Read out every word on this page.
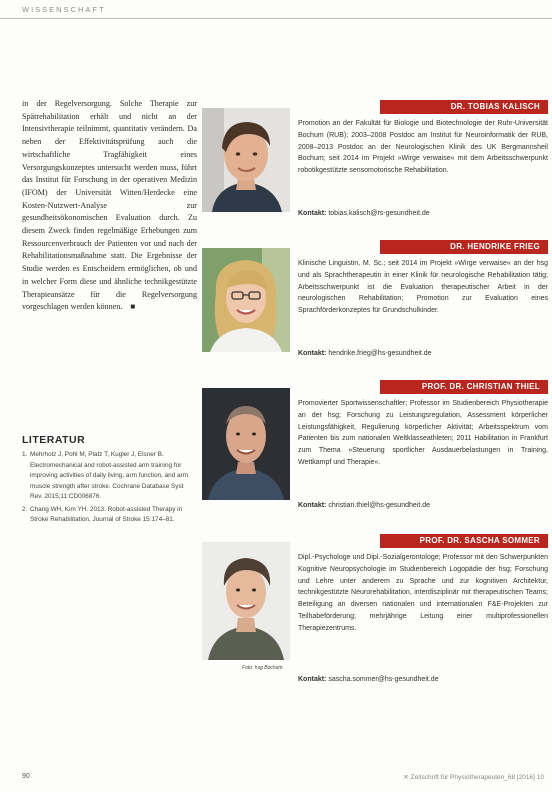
WISSENSCHAFT
in der Regelversorgung. Solche Therapie zur Spätrehabilitation erhält und nicht an der Intensivtherapie teilnimmt, quantitativ verändern. Da neben der Effektivitätsprüfung auch die wirtschaftliche Tragfähigkeit eines Versorgungskonzeptes untersucht werden muss, führt das Institut für Forschung in der operativen Medizin (IFOM) der Universität Witten/Herdecke eine Kosten-Nutzwert-Analyse zur gesundheitsökonomischen Evaluation durch. Zu diesem Zweck finden regelmäßige Erhebungen zum Ressourcenverbrauch der Patienten vor und nach der Rehabilitationsmaßnahme statt. Die Ergebnisse der Studie werden es Entscheidern ermöglichen, ob und in welcher Form diese und ähnliche technikgestützte Therapieansätze für die Regelversorgung vorgeschlagen werden können. ■
LITERATUR
1. Mehrholz J, Pohl M, Platz T, Kugler J, Elsner B. Electromechanical and robot-assisted arm training for improving activities of daily living, arm function, and arm muscle strength after stroke. Cochrane Database Syst Rev. 2015;11:CD006876.
2. Chang WH, Kim YH. 2013. Robot-assisted Therapy in Stroke Rehabilitation. Journal of Stroke 15:174–81.
DR. TOBIAS KALISCH
Promotion an der Fakultät für Biologie und Biotechnologie der Ruhr-Universität Bochum (RUB); 2003–2008 Postdoc am Institut für Neuroinformatik der RUB, 2008–2013 Postdoc an der Neurologischen Klinik des UK Bergmannsheil Bochum; seit 2014 im Projekt »Wirge verwaise« mit dem Arbeitsschwerpunkt robotikgestützte sensomotorische Rehabilitation.
Kontakt: tobias.kalisch@rs-gesundheit.de
DR. HENDRIKE FRIEG
Klinische Linguistin, M. Sc.; seit 2014 im Projekt »Wirge verwaise« an der hsg und als Sprachtherapeutin in einer Klinik für neurologische Rehabilitation tätig; Arbeitsschwerpunkt ist die Evaluation therapeutischer Arbeit in der neurologischen Rehabilitation; Promotion zur Evaluation eines Sprachförderkonzeptes für Grundschulkinder.
Kontakt: hendrike.frieg@hs-gesundheit.de
PROF. DR. CHRISTIAN THIEL
Promovierter Sportwissenschaftler; Professor im Studienbereich Physiotherapie an der hsg; Forschung zu Leistungsregulation, Assessment körperlicher Leistungsfähigkeit, Regulierung körperlicher Aktivität; Arbeitsspektrum vom Patienten bis zum nationalen Weltklasseathleten; 2011 Habilitation in Frankfurt zum Thema »Steuerung sportlicher Ausdauerbelastungen in Training, Wettkampf und Therapie«.
Kontakt: christian.thiel@hs-gesundheit.de
PROF. DR. SASCHA SOMMER
Dipl.-Psychologe und Dipl.-Sozialgerontologe; Professor mit den Schwerpunkten Kognitive Neuropsychologie im Studienbereich Logopädie der hsg; Forschung und Lehre unter anderem zu Sprache und zur kognitiven Architektur, technikgestützte Neurorehabilitation, interdisziplinär mit therapeutischen Teams; Beteiligung an diversen nationalen und internationalen F&E-Projekten zur Teilhabeförderung; mehrjährige Leitung einer multiprofessionellen Therapiezentrums.
Kontakt: sascha.sommer@hs-gesundheit.de
Foto: hsg Bochum
90	✕ Zeitschrift für Physiotherapeuten_68 [2016] 10
